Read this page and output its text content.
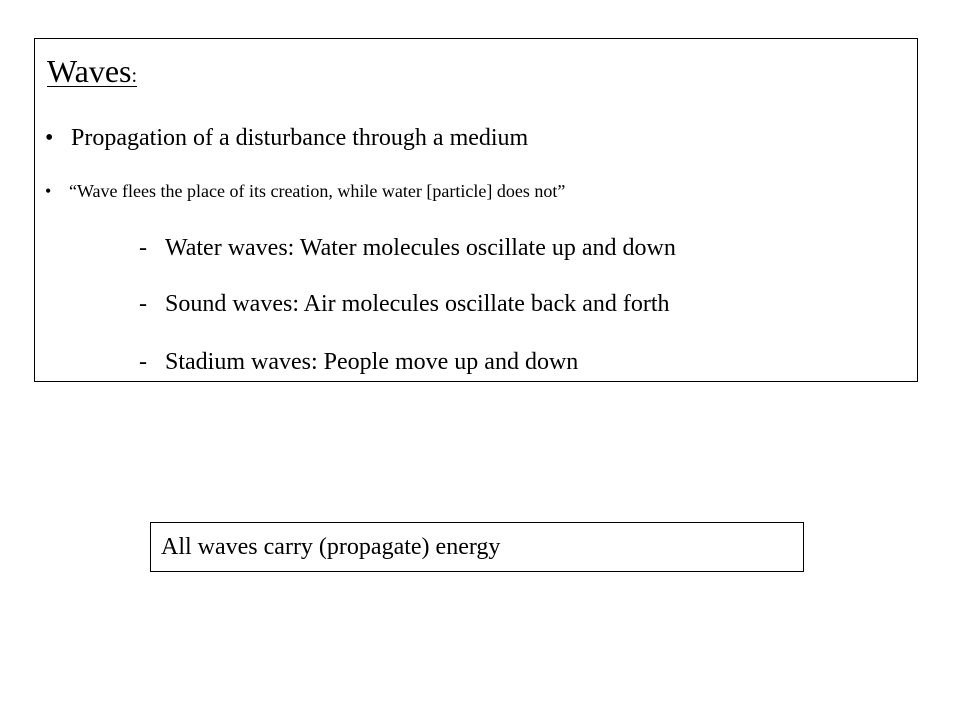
Waves:
• Propagation of a disturbance through a medium
• “Wave flees the place of its creation, while water [particle] does not”
- Water waves: Water molecules oscillate up and down
- Sound waves: Air molecules oscillate back and forth
- Stadium waves: People move up and down
All waves carry (propagate) energy
